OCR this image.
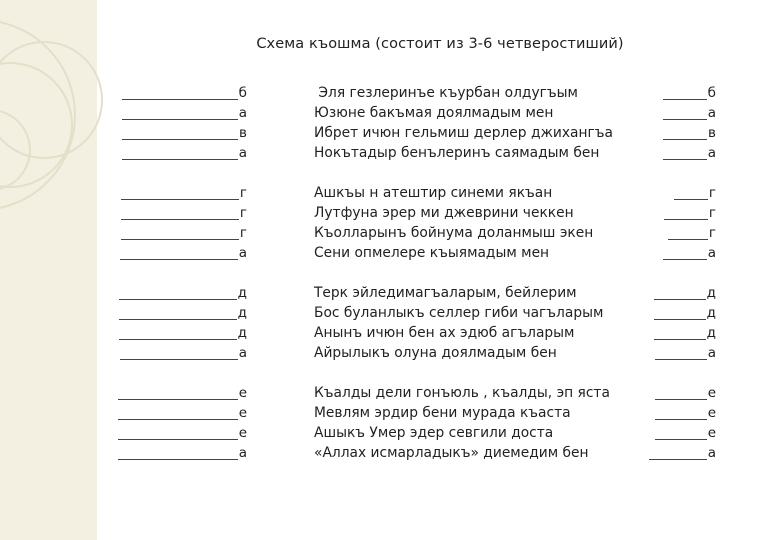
Схема къошма (состоит из 3-6 четверостиший)
б
а
в
а
Эля гезлеринъе къурбан олдугъым
Юзюне бакъмая доялмадым мен
Ибрет ичюн гельмиш дерлер джихангъа
Нокътадыр бенълеринъ саямадым бен
б
а
в
а
г
г
г
а
Ашкъы н атештир синеми якъан
Лутфуна эрер ми джеврини чеккен
Къолларынъ бойнума доланмыш экен
Сени опмелере къыямадым мен
г
г
г
а
д
д
д
а
Терк эйледимагъаларым, бейлерим
Бос буланлыкъ селлер гиби чагъларым
Анынъ ичюн бен ах эдюб агъларым
Айрылыкъ олуна доялмадым бен
д
д
д
а
е
е
е
а
Къалды дели гонъюль , къалды, эп яста
Мевлям эрдир бени мурада къаста
Ашыкъ Умер эдер севгили доста
«Аллах исмарладыкъ» диемедим бен
е
е
е
а
